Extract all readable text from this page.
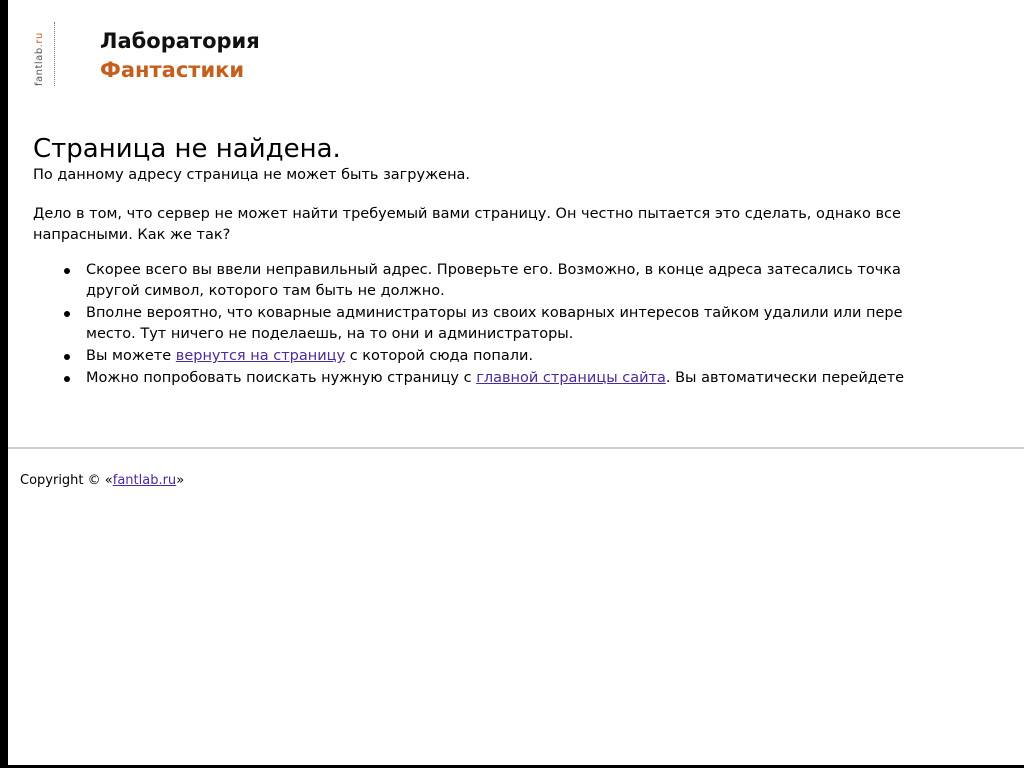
fantlab.ru	Лаборатория
Фантастики
Страница не найдена.

По данному адресу страница не может быть загружена.

Дело в том, что сервер не может найти требуемый вами страницу. Он честно пытается это сделать, однако все
напрасными. Как же так?

Скорее всего вы ввели неправильный адрес. Проверьте его. Возможно, в конце адреса затесались точка
другой символ, которого там быть не должно.
Вполне вероятно, что коварные администраторы из своих коварных интересов тайком удалили или пере
место. Тут ничего не поделаешь, на то они и администраторы.
Вы можете вернутся на страницу с которой сюда попали.
Можно попробовать поискать нужную страницу с главной страницы сайта. Вы автоматически перейдете
Copyright © «fantlab.ru»
